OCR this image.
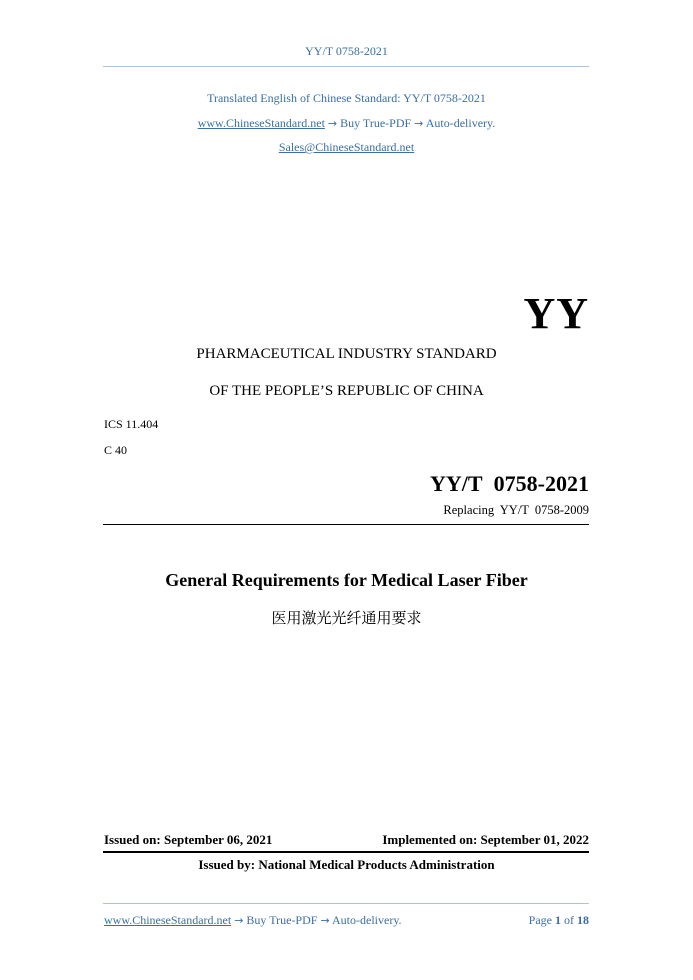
YY/T 0758-2021
Translated English of Chinese Standard: YY/T 0758-2021
www.ChineseStandard.net → Buy True-PDF → Auto-delivery.
Sales@ChineseStandard.net
YY
PHARMACEUTICAL INDUSTRY STANDARD
OF THE PEOPLE’S REPUBLIC OF CHINA
ICS 11.404
C 40
YY/T 0758-2021
Replacing YY/T 0758-2009
General Requirements for Medical Laser Fiber
医用激光光纤通用要求
Issued on: September 06, 2021	Implemented on: September 01, 2022
Issued by: National Medical Products Administration
www.ChineseStandard.net → Buy True-PDF → Auto-delivery.	Page 1 of 18
